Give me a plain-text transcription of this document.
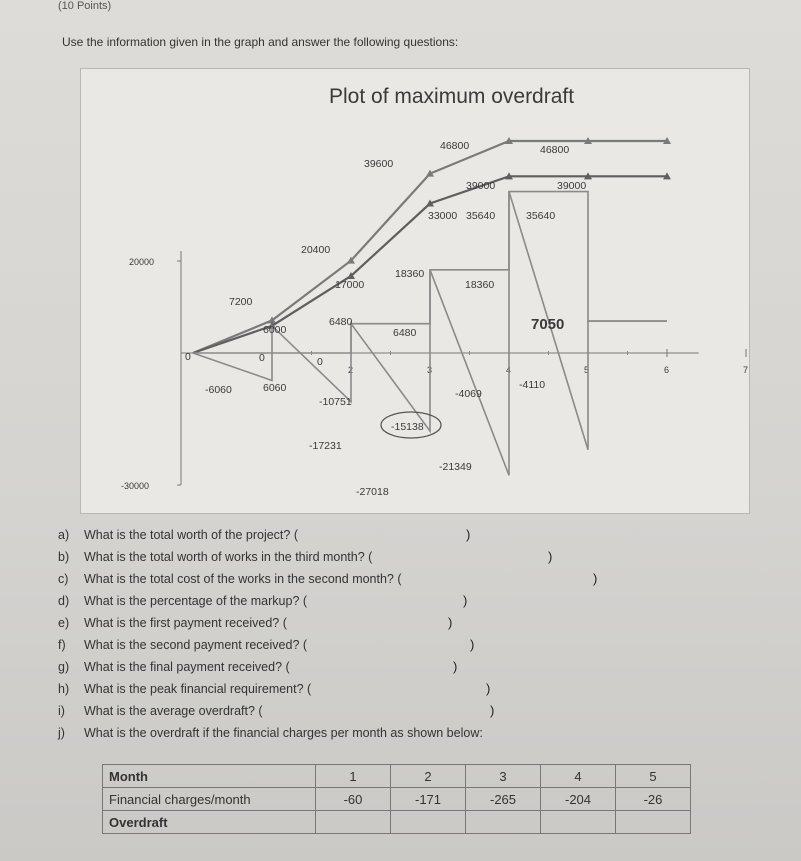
(10 Points)
Use the information given in the graph and answer the following questions:
Plot of maximum overdraft
20000
-30000
2	3	4	5	6	7
39600
46800	46800
39000	39000
33000 35640	35640
20400
17000
18360
18360
7200
6000
6480
6480	7050
0	0	0
-6060	6060
-10751
-17231
-15138
-27018
-4069
-21349
-4110
a) What is the total worth of the project? (	)
b) What is the total worth of works in the third month? (	)
c) What is the total cost of the works in the second month? (	)
d) What is the percentage of the markup? (	)
e) What is the first payment received? (	)
f) What is the second payment received? (	)
g) What is the final payment received? (	)
h) What is the peak financial requirement? (	)
i) What is the average overdraft? (	)
j) What is the overdraft if the financial charges per month as shown below:
Month	1	2	3	4	5
Financial charges/month	-60	-171	-265	-204	-26
Overdraft					
